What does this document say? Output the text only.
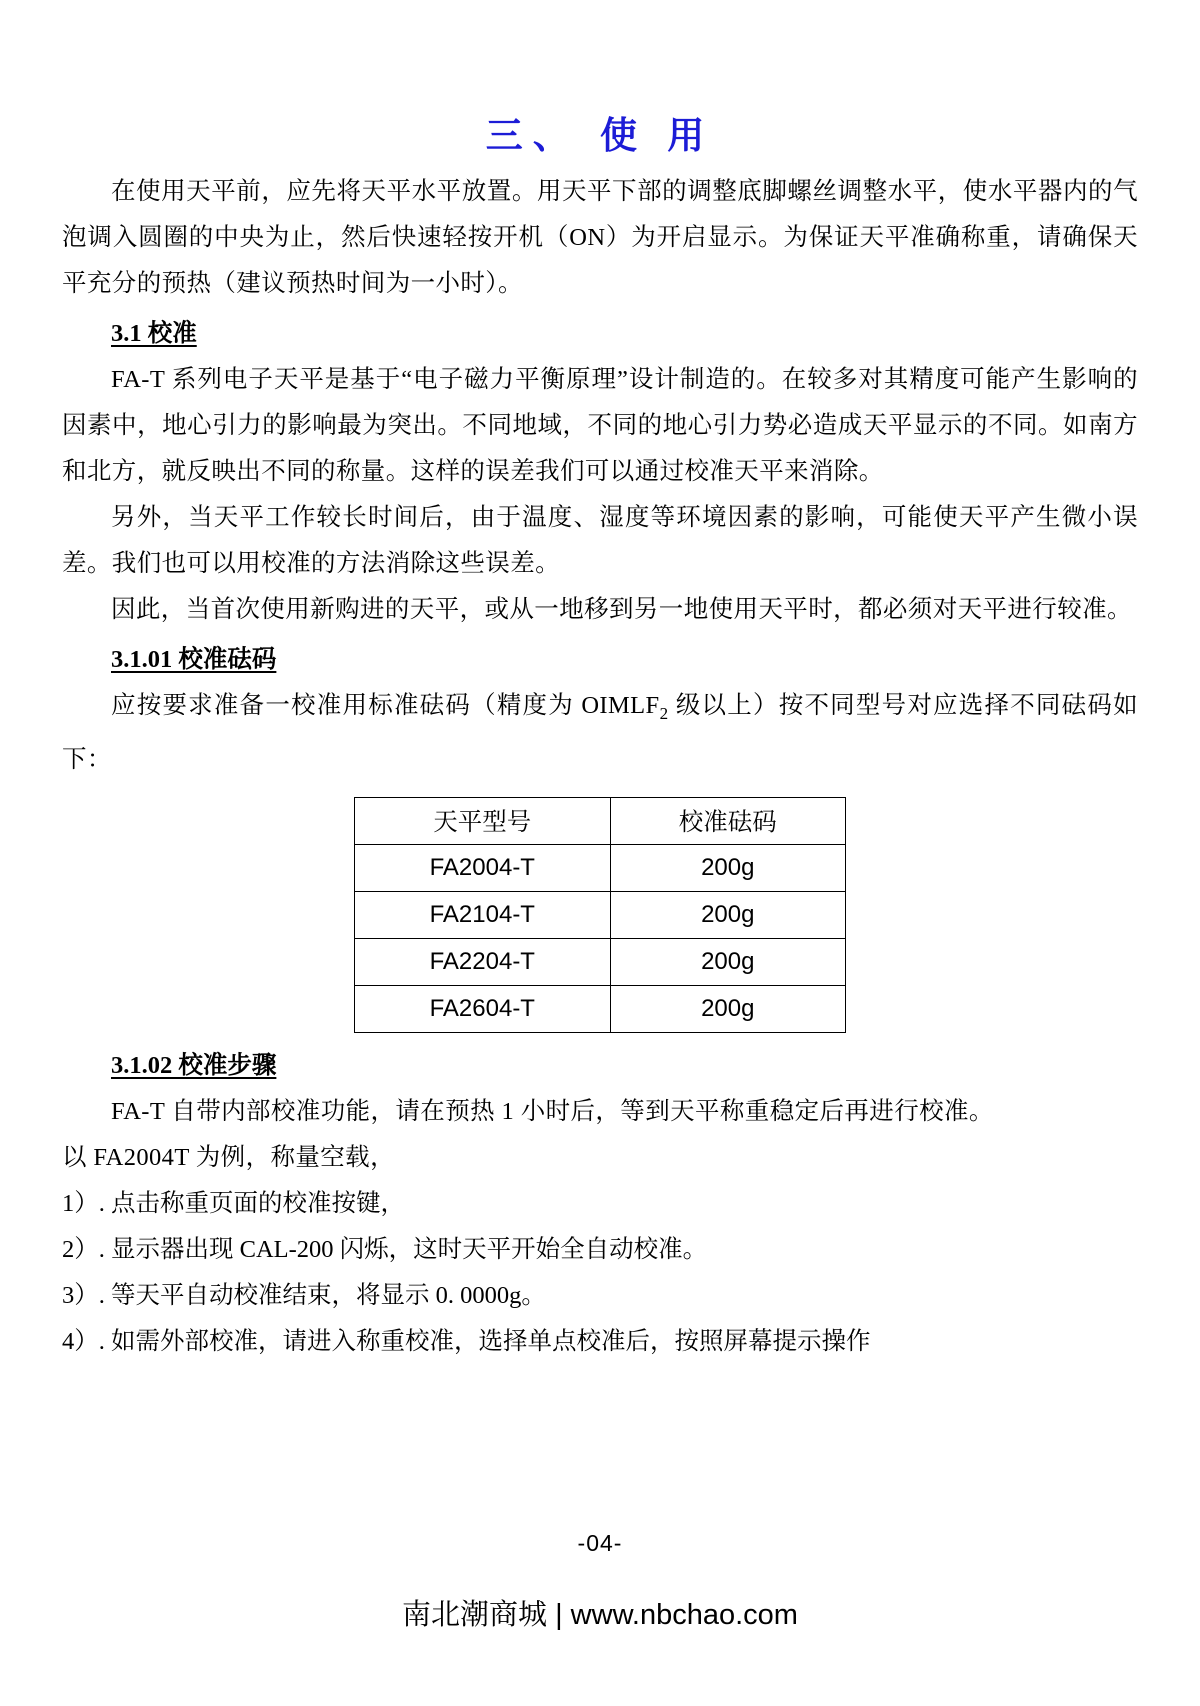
三、 使 用

在使用天平前，应先将天平水平放置。用天平下部的调整底脚螺丝调整水平，使水平器内的气泡调入圆圈的中央为止，然后快速轻按开机（ON）为开启显示。为保证天平准确称重，请确保天平充分的预热（建议预热时间为一小时）。

3.1 校准

FA-T 系列电子天平是基于“电子磁力平衡原理”设计制造的。在较多对其精度可能产生影响的因素中，地心引力的影响最为突出。不同地域，不同的地心引力势必造成天平显示的不同。如南方和北方，就反映出不同的称量。这样的误差我们可以通过校准天平来消除。

另外，当天平工作较长时间后，由于温度、湿度等环境因素的影响，可能使天平产生微小误差。我们也可以用校准的方法消除这些误差。

因此，当首次使用新购进的天平，或从一地移到另一地使用天平时，都必须对天平进行较准。

3.1.01 校准砝码

应按要求准备一校准用标准砝码（精度为 $OIMLF_2$ 级以上）按不同型号对应选择不同砝码如下：

天平型号	校准砝码
FA2004-T	200g
FA2104-T	200g
FA2204-T	200g
FA2604-T	200g
3.1.02 校准步骤

FA-T 自带内部校准功能，请在预热 1 小时后，等到天平称重稳定后再进行校准。

以 FA2004T 为例，称量空载，

1）. 点击称重页面的校准按键，

2）. 显示器出现 CAL-200 闪烁，这时天平开始全自动校准。

3）. 等天平自动校准结束，将显示 0. 0000g。

4）. 如需外部校准，请进入称重校准，选择单点校准后，按照屏幕提示操作

-04-
南北潮商城 | www.nbchao.com
